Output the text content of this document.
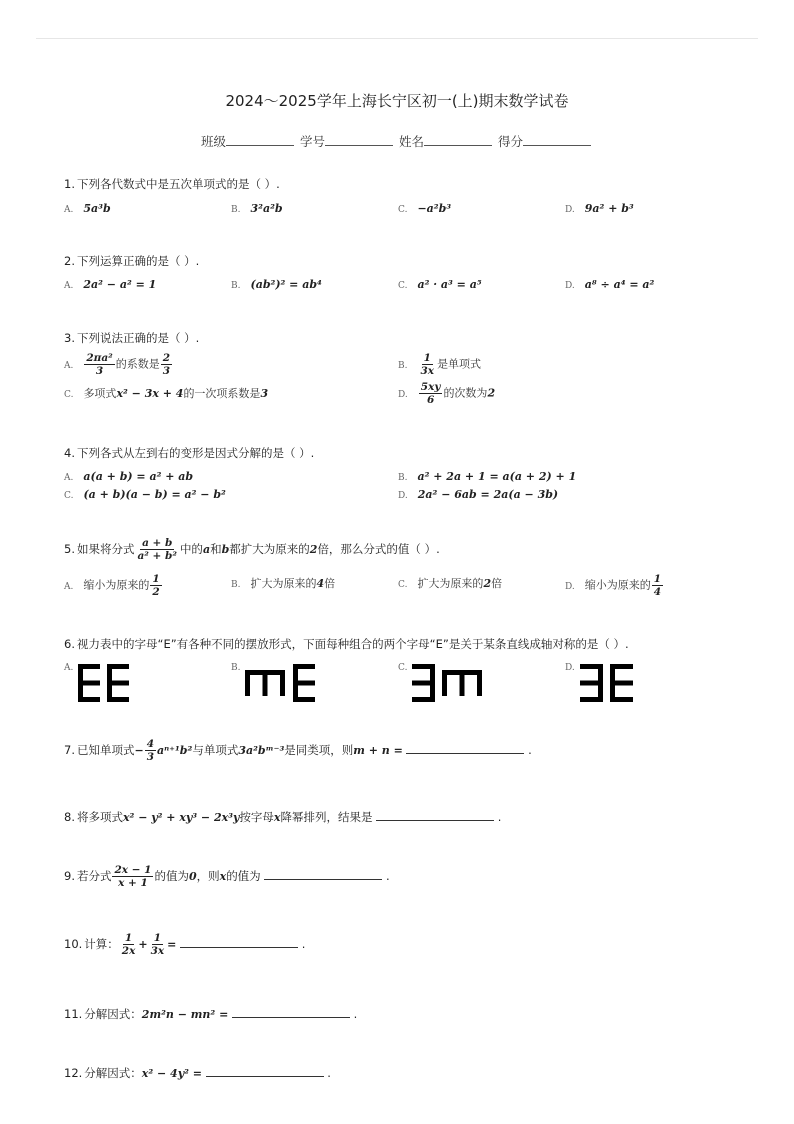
2024～2025学年上海长宁区初一(上)期末数学试卷
班级	学号	姓名	得分
1. 下列各代数式中是五次单项式的是（ ）.
A. 5a³b	B. 3²a²b	C. −a²b³	D. 9a² + b³
2. 下列运算正确的是（ ）.
A. 2a² − a² = 1	B. (ab²)² = ab⁴	C. a² · a³ = a⁵	D. a⁸ ÷ a⁴ = a²
3. 下列说法正确的是（ ）.
A. $\frac{\text{2πa²}}{3}$ 的系数是 $\frac{2}{3}$	B. $\frac{1}{3x}$ 是单项式
C. 多项式x² − 3x + 4的一次项系数是3	D. $\frac{5xy}{6}$ 的次数为2
4. 下列各式从左到右的变形是因式分解的是（ ）.
A. a(a + b) = a² + ab	B. a² + 2a + 1 = a(a + 2) + 1
C. (a + b)(a − b) = a² − b²	D. 2a² − 6ab = 2a(a − 3b)
5. 如果将分式 $\frac{a + b}{\text{a² + b²}}$ 中的a和b都扩大为原来的2倍，那么分式的值（ ）.
A. 缩小为原来的 $\frac{1}{2}$	B. 扩大为原来的4倍	C. 扩大为原来的2倍	D. 缩小为原来的 $\frac{1}{4}$
6. 视力表中的字母“E”有各种不同的摆放形式，下面每种组合的两个字母“E”是关于某条直线成轴对称的是（ ）.
A.	B.	C.	D.
7. 已知单项式− $\frac{4}{3} a^{n+1}b^2$与单项式3a²bᵐ⁻³是同类项，则m + n =	.
8. 将多项式x² − y² + xy³ − 2x³y按字母x降幂排列，结果是	.
9. 若分式 $\frac{2x - 1}{x + 1}$ 的值为0，则x的值为	.
10. 计算： $\frac{1}{2x} + \frac{1}{3x}$ =	.
11. 分解因式：2m²n − mn² =	.
12. 分解因式：x² − 4y² =	.
